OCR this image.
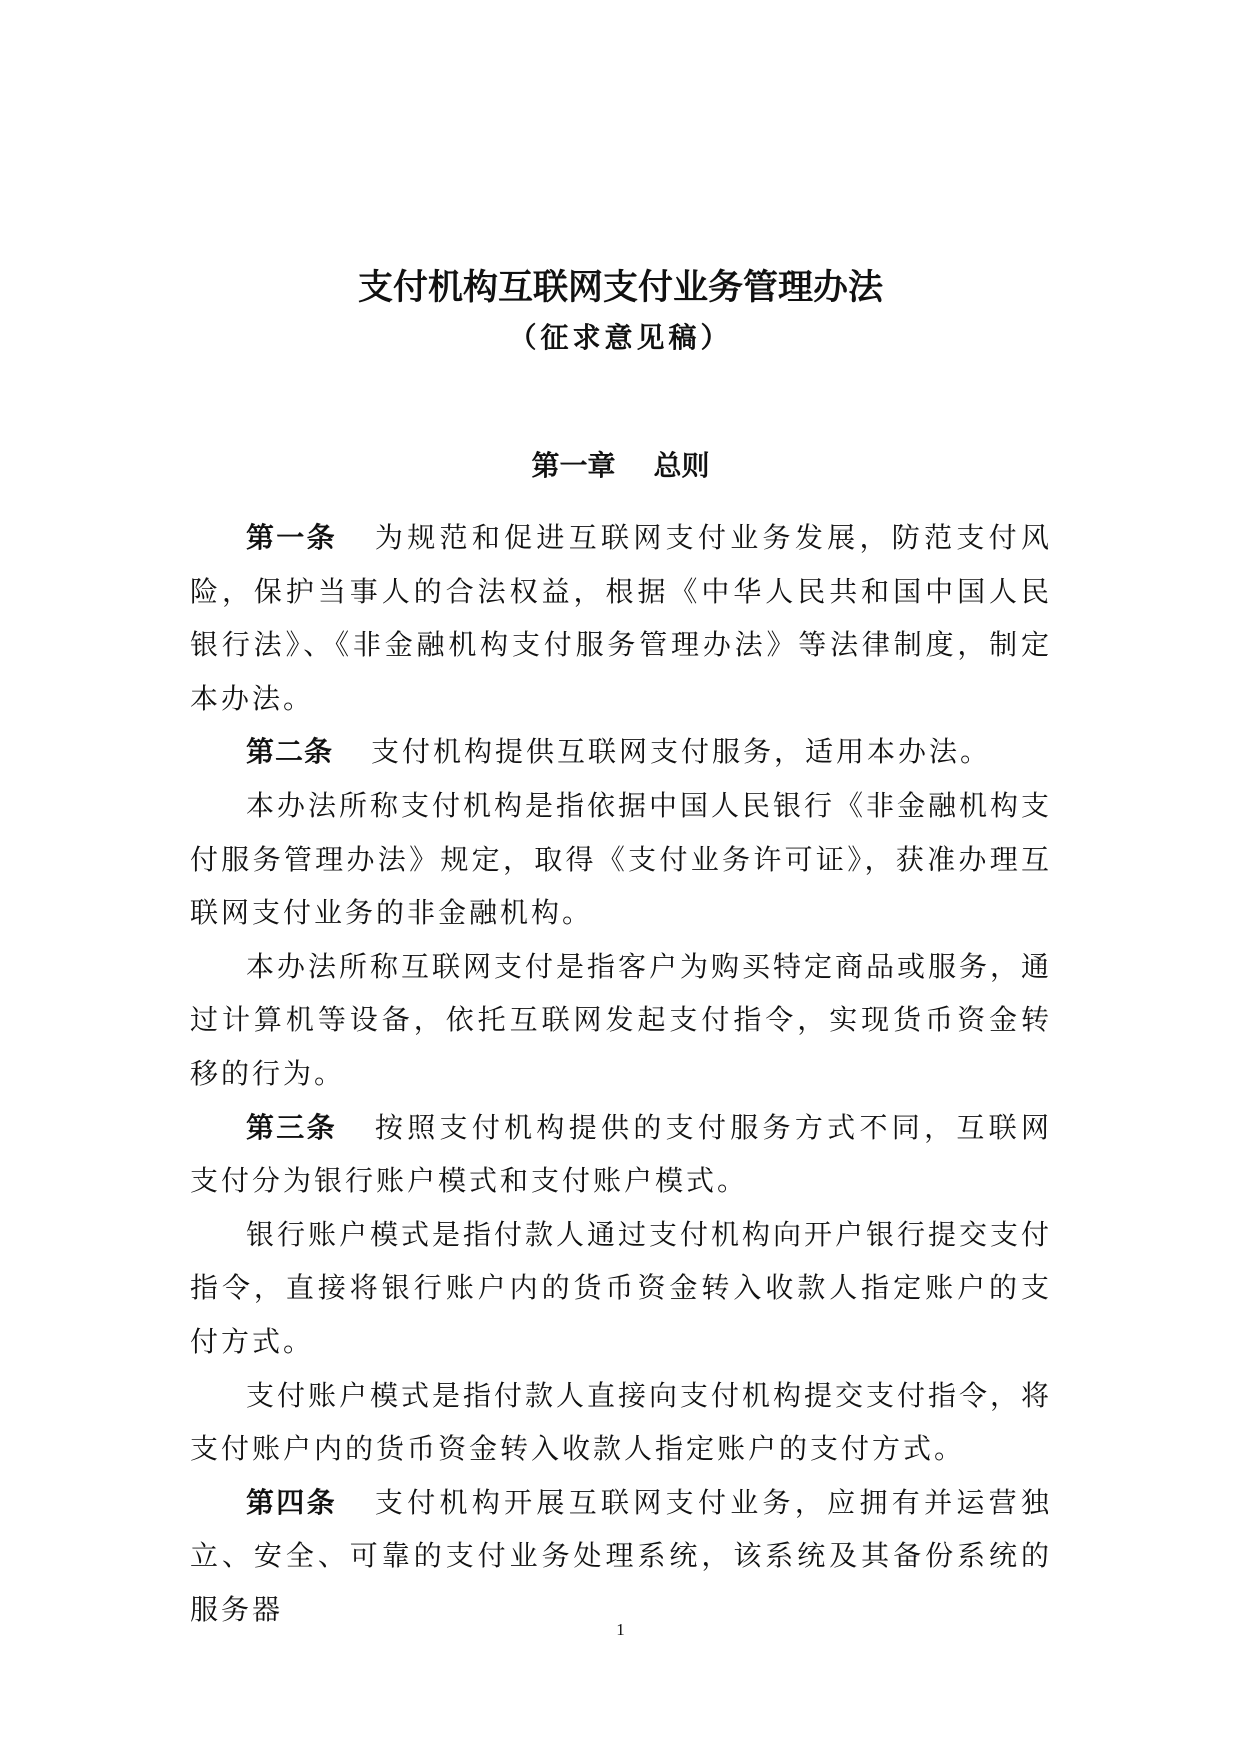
支付机构互联网支付业务管理办法
（征求意见稿）
第一章 总则

第一条 为规范和促进互联网支付业务发展，防范支付风险，保护当事人的合法权益，根据《中华人民共和国中国人民银行法》、《非金融机构支付服务管理办法》等法律制度，制定本办法。

第二条 支付机构提供互联网支付服务，适用本办法。

本办法所称支付机构是指依据中国人民银行《非金融机构支付服务管理办法》规定，取得《支付业务许可证》，获准办理互联网支付业务的非金融机构。

本办法所称互联网支付是指客户为购买特定商品或服务，通过计算机等设备，依托互联网发起支付指令，实现货币资金转移的行为。

第三条 按照支付机构提供的支付服务方式不同，互联网支付分为银行账户模式和支付账户模式。

银行账户模式是指付款人通过支付机构向开户银行提交支付指令，直接将银行账户内的货币资金转入收款人指定账户的支付方式。

支付账户模式是指付款人直接向支付机构提交支付指令，将支付账户内的货币资金转入收款人指定账户的支付方式。

第四条 支付机构开展互联网支付业务，应拥有并运营独立、安全、可靠的支付业务处理系统，该系统及其备份系统的服务器

1
